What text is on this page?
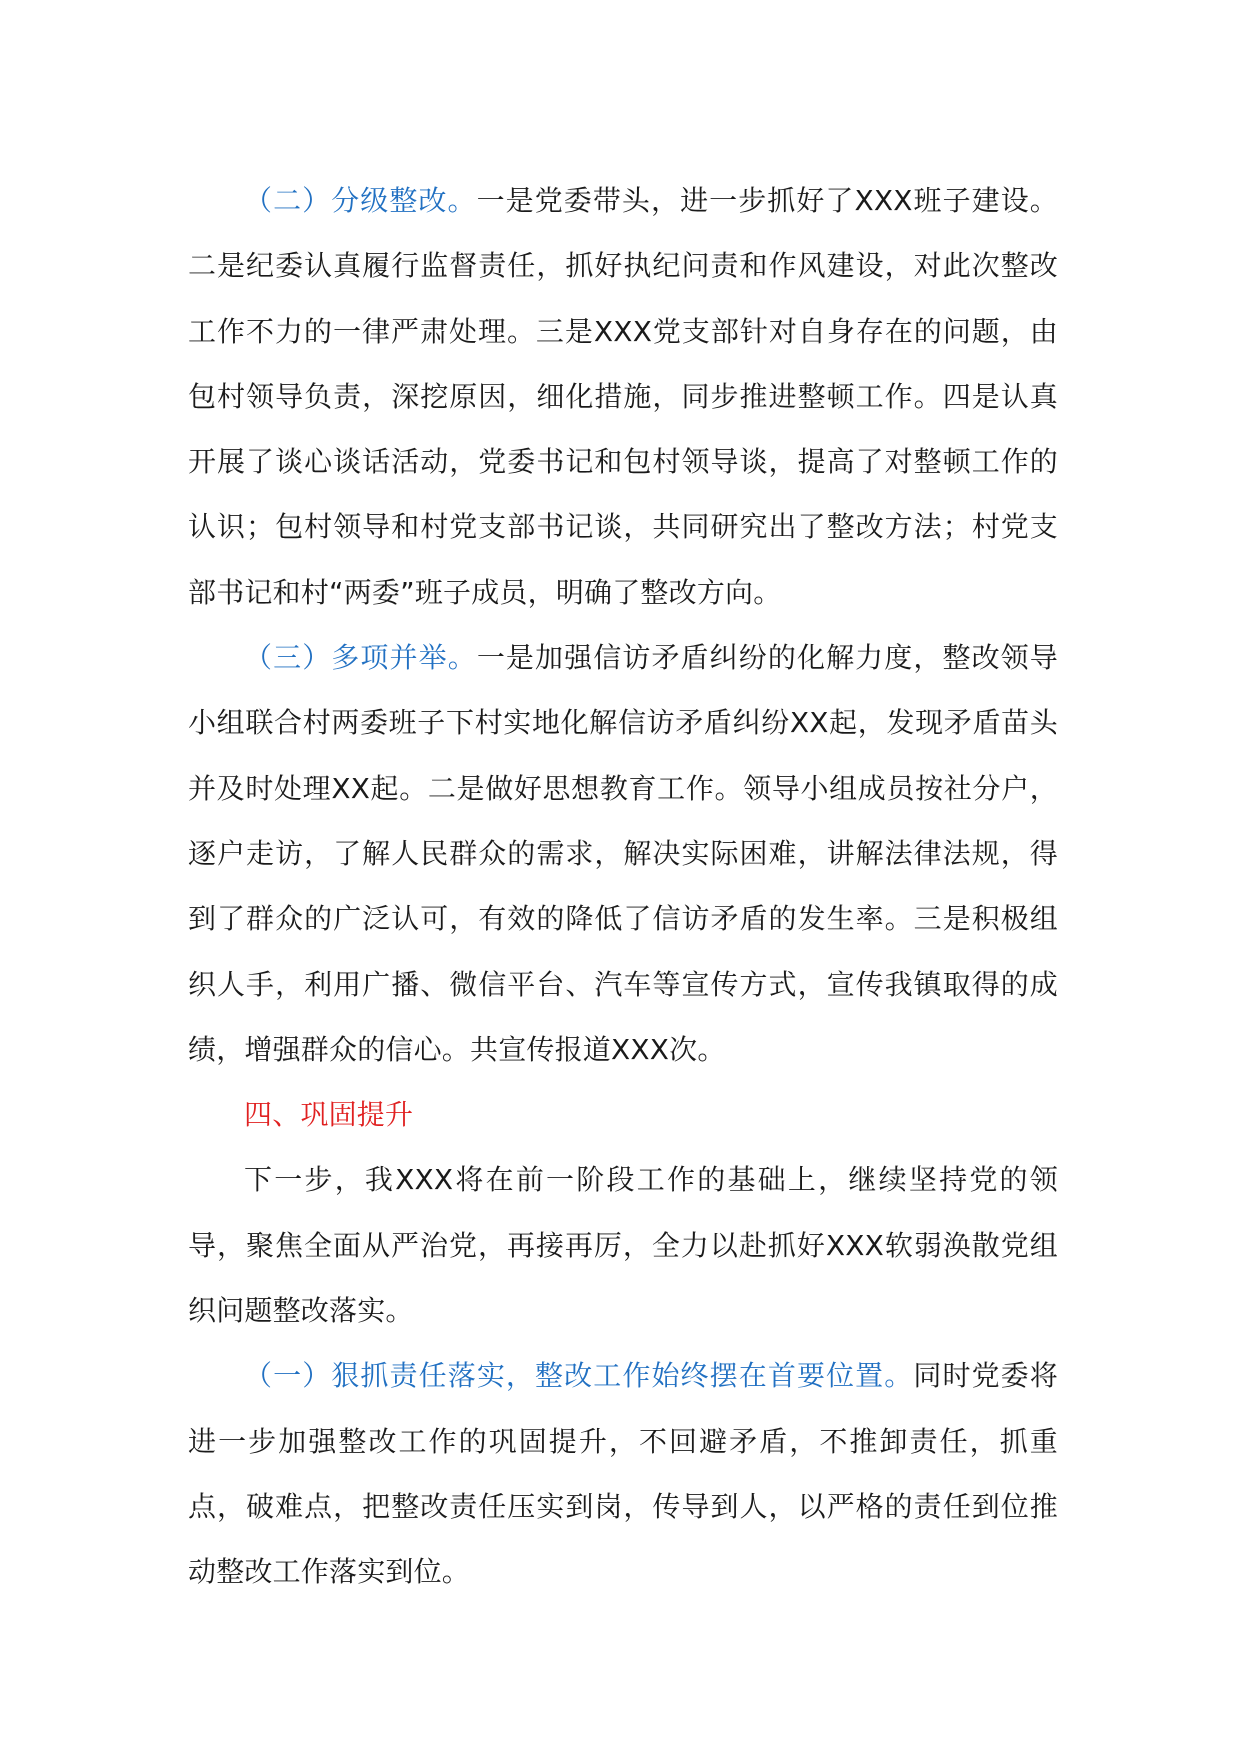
（二）分级整改。一是党委带头，进一步抓好了XXX班子建设。二是纪委认真履行监督责任，抓好执纪问责和作风建设，对此次整改工作不力的一律严肃处理。三是XXX党支部针对自身存在的问题，由包村领导负责，深挖原因，细化措施，同步推进整顿工作。四是认真开展了谈心谈话活动，党委书记和包村领导谈，提高了对整顿工作的认识；包村领导和村党支部书记谈，共同研究出了整改方法；村党支部书记和村“两委”班子成员，明确了整改方向。

（三）多项并举。一是加强信访矛盾纠纷的化解力度，整改领导小组联合村两委班子下村实地化解信访矛盾纠纷XX起，发现矛盾苗头并及时处理XX起。二是做好思想教育工作。领导小组成员按社分户，逐户走访，了解人民群众的需求，解决实际困难，讲解法律法规，得到了群众的广泛认可，有效的降低了信访矛盾的发生率。三是积极组织人手，利用广播、微信平台、汽车等宣传方式，宣传我镇取得的成绩，增强群众的信心。共宣传报道XXX次。

四、巩固提升

下一步，我XXX将在前一阶段工作的基础上，继续坚持党的领导，聚焦全面从严治党，再接再厉，全力以赴抓好XXX软弱涣散党组织问题整改落实。

（一）狠抓责任落实，整改工作始终摆在首要位置。同时党委将进一步加强整改工作的巩固提升，不回避矛盾，不推卸责任，抓重点，破难点，把整改责任压实到岗，传导到人，以严格的责任到位推动整改工作落实到位。
